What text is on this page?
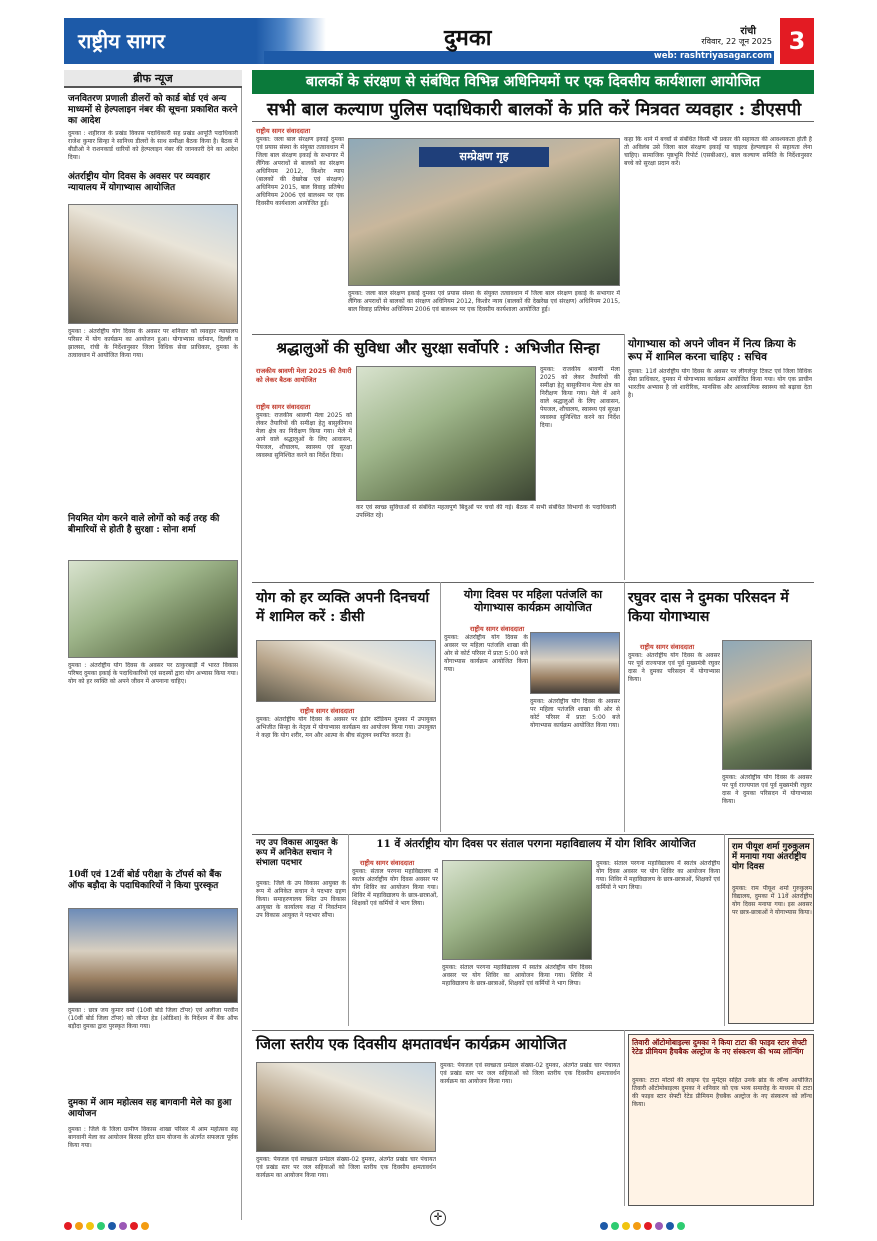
राष्ट्रीय सागर	दुमका	रांची
रविवार, 22 जून 2025
web: rashtriyasagar.com
3
ब्रीफ न्यूज
जनवितरण प्रणाली डीलरों को कार्ड बोर्ड एवं अन्य माध्यमों से हेल्पलाइन नंबर की सूचना प्रकाशित करने का आदेश
दुमका : शहीराज के प्रखंड विकास पदाधिकारी सह प्रखंड आपूर्ति पदाधिकारी राजेश कुमार सिन्हा ने सानिध्य डीलरों के साथ समीक्षा बैठक किया है। बैठक में बीडीओ ने राशनकार्ड धारियों को हेल्पलाइन नंबर की जानकारी देने का आदेश दिया।
अंतर्राष्ट्रीय योग दिवस के अवसर पर व्यवहार न्यायालय में योगाभ्यास आयोजित
दुमका : अंतर्राष्ट्रीय योग दिवस के अवसर पर शनिवार को व्यवहार न्यायालय परिसर में योग कार्यक्रम का आयोजन हुआ। योगाभ्यास वर्तमान, दिल्ली व झालसा, रांची के निर्देशानुसार जिला विधिक सेवा प्राधिकार, दुमका के तत्वावधान में आयोजित किया गया।
नियमित योग करने वाले लोगों को कई तरह की बीमारियों से होती है सुरक्षा : सोना शर्मा
दुमका : अंतर्राष्ट्रीय योग दिवस के अवसर पर ठाकुरबाड़ी में भारत विकास परिषद दुमका इकाई के पदाधिकारियों एवं सदस्यों द्वारा योग अभ्यास किया गया। योग को हर व्यक्ति को अपने जीवन में अपनाना चाहिए।
10वीं एवं 12वीं बोर्ड परीक्षा के टॉपर्स को बैंक ऑफ बड़ौदा के पदाधिकारियों ने किया पुरस्कृत
दुमका : छात्र जय कुमार वर्मा (10वीं बोर्ड जिला टॉपर) एवं अलीजा परवीन (10वीं बोर्ड जिला टॉपर) को जीनत हेड (ओडिशा) के निर्देशन में बैंक ऑफ बड़ौदा दुमका द्वारा पुरस्कृत किया गया।
दुमका में आम महोत्सव सह बागवानी मेले का हुआ आयोजन
दुमका : जिले के जिला ग्रामीण विकास शाखा परिसर में आम महोत्सव सह बागवानी मेला का आयोजन बिरसा हरित ग्राम योजना के अंतर्गत सफलता पूर्वक किया गया।
बालकों के संरक्षण से संबंधित विभिन्न अधिनियमों पर एक दिवसीय कार्यशाला आयोजित
सभी बाल कल्याण पुलिस पदाधिकारी बालकों के प्रति करें मित्रवत व्यवहार : डीएसपी
राष्ट्रीय सागर संवाददाता
दुमका: जला बाल संरक्षण इकाई दुमका एवं प्रयास संस्था के संयुक्त तत्वावधान में जिला बाल संरक्षण इकाई के सभागार में लैंगिक अपराधों से बालकों का संरक्षण अधिनियम 2012, किशोर न्याय (बालकों की देखरेख एवं संरक्षण) अधिनियम 2015, बाल विवाह प्रतिषेध अधिनियम 2006 एवं बालश्रम पर एक दिवसीय कार्यशाला आयोजित हुई।
सम्प्रेक्षण गृह
दुमका: जला बाल संरक्षण इकाई दुमका एवं प्रयास संस्था के संयुक्त तत्वावधान में जिला बाल संरक्षण इकाई के सभागार में लैंगिक अपराधों से बालकों का संरक्षण अधिनियम 2012, किशोर न्याय (बालकों की देखरेख एवं संरक्षण) अधिनियम 2015, बाल विवाह प्रतिषेध अधिनियम 2006 एवं बालश्रम पर एक दिवसीय कार्यशाला आयोजित हुई।
कहा कि थाने में बच्चों से संबंधित किसी भी प्रकार की सहायता की आवश्यकता होती है तो अविलंब उसे जिला बाल संरक्षण इकाई या चाइल्ड हेल्पलाइन से सहायता लेना चाहिए। सामाजिक पृष्ठभूमि रिपोर्ट (एसबीआर), बाल कल्याण समिति के निर्देशानुसार बच्चे को सुरक्षा प्रदान करें।
श्रद्धालुओं की सुविधा और सुरक्षा सर्वोपरि : अभिजीत सिन्हा
राजकीय श्रावणी मेला 2025 की तैयारी को लेकर बैठक आयोजित
राष्ट्रीय सागर संवाददाता
दुमका: राजकीय श्रावणी मेला 2025 को लेकर तैयारियों की समीक्षा हेतु बासुकीनाथ मेला क्षेत्र का निरीक्षण किया गया। मेले में आने वाले श्रद्धालुओं के लिए आवासन, पेयजल, शौचालय, स्वास्थ्य एवं सुरक्षा व्यवस्था सुनिश्चित करने का निर्देश दिया।
कर एवं स्वच्छ सुविधाओं से संबंधित महत्वपूर्ण बिंदुओं पर चर्चा की गई। बैठक में सभी संबंधित विभागों के पदाधिकारी उपस्थित रहे।
दुमका: राजकीय श्रावणी मेला 2025 को लेकर तैयारियों की समीक्षा हेतु बासुकीनाथ मेला क्षेत्र का निरीक्षण किया गया। मेले में आने वाले श्रद्धालुओं के लिए आवासन, पेयजल, शौचालय, स्वास्थ्य एवं सुरक्षा व्यवस्था सुनिश्चित करने का निर्देश दिया।
योगाभ्यास को अपने जीवन में नित्य क्रिया के रूप में शामिल करना चाहिए : सचिव
दुमका: 11वें अंतर्राष्ट्रीय योग दिवस के अवसर पर लीगलेपुर टिकट एवं जिला विधिक सेवा प्राधिकार, दुमका में योगाभ्यास कार्यक्रम आयोजित किया गया। योग एक प्राचीन भारतीय अभ्यास है जो शारीरिक, मानसिक और आध्यात्मिक स्वास्थ्य को बढ़ावा देता है।
योग को हर व्यक्ति अपनी दिनचर्या में शामिल करें : डीसी
राष्ट्रीय सागर संवाददाता
दुमका: अंतर्राष्ट्रीय योग दिवस के अवसर पर इंडोर स्टेडियम दुमका में उपायुक्त अभिजीत सिन्हा के नेतृत्व में योगाभ्यास कार्यक्रम का आयोजन किया गया। उपायुक्त ने कहा कि योग शरीर, मन और आत्मा के बीच संतुलन स्थापित करता है।
योगा दिवस पर महिला पतंजलि का योगाभ्यास कार्यक्रम आयोजित
राष्ट्रीय सागर संवाददाता
दुमका: अंतर्राष्ट्रीय योग दिवस के अवसर पर महिला पतंजलि शाखा की ओर से कोर्ट परिसर में प्रातः 5:00 बजे योगाभ्यास कार्यक्रम आयोजित किया गया।
दुमका: अंतर्राष्ट्रीय योग दिवस के अवसर पर महिला पतंजलि शाखा की ओर से कोर्ट परिसर में प्रातः 5:00 बजे योगाभ्यास कार्यक्रम आयोजित किया गया।
रघुवर दास ने दुमका परिसदन में किया योगाभ्यास
राष्ट्रीय सागर संवाददाता
दुमका: अंतर्राष्ट्रीय योग दिवस के अवसर पर पूर्व राज्यपाल एवं पूर्व मुख्यमंत्री रघुवर दास ने दुमका परिसदन में योगाभ्यास किया।
दुमका: अंतर्राष्ट्रीय योग दिवस के अवसर पर पूर्व राज्यपाल एवं पूर्व मुख्यमंत्री रघुवर दास ने दुमका परिसदन में योगाभ्यास किया।
नए उप विकास आयुक्त के रूप में अनिकेत सचान ने संभाला पदभार
दुमका: जिले के उप विकास आयुक्त के रूप में अनिकेत सचान ने पदभार ग्रहण किया। समाहरणालय स्थित उप विकास आयुक्त के कार्यालय कक्ष में निवर्तमान उप विकास आयुक्त ने पदभार सौंपा।
11 वें अंतर्राष्ट्रीय योग दिवस पर संताल परगना महाविद्यालय में योग शिविर आयोजित
राष्ट्रीय सागर संवाददाता
दुमका: संताल परगना महाविद्यालय में स्वतंत्र अंतर्राष्ट्रीय योग दिवस अवसर पर योग शिविर का आयोजन किया गया। शिविर में महाविद्यालय के छात्र-छात्राओं, शिक्षकों एवं कर्मियों ने भाग लिया।
दुमका: संताल परगना महाविद्यालय में स्वतंत्र अंतर्राष्ट्रीय योग दिवस अवसर पर योग शिविर का आयोजन किया गया। शिविर में महाविद्यालय के छात्र-छात्राओं, शिक्षकों एवं कर्मियों ने भाग लिया।
दुमका: संताल परगना महाविद्यालय में स्वतंत्र अंतर्राष्ट्रीय योग दिवस अवसर पर योग शिविर का आयोजन किया गया। शिविर में महाविद्यालय के छात्र-छात्राओं, शिक्षकों एवं कर्मियों ने भाग लिया।
राम पीयूश शर्मा गुरुकुलम में मनाया गया अंतर्राष्ट्रीय योग दिवस
दुमका: राम पीयूश शर्मा गुरुकुलम विद्यालय, दुमका में 11वें अंतर्राष्ट्रीय योग दिवस मनाया गया। इस अवसर पर छात्र-छात्राओं ने योगाभ्यास किया।
जिला स्तरीय एक दिवसीय क्षमतावर्धन कार्यक्रम आयोजित
दुमका: पेयजल एवं स्वच्छता प्रमंडल संख्या-02 दुमका, अंतर्गत प्रखंड चार पंचायत एवं प्रखंड स्तर पर जल सहियाओं को जिला स्तरीय एक दिवसीय क्षमतावर्धन कार्यक्रम का आयोजन किया गया।
दुमका: पेयजल एवं स्वच्छता प्रमंडल संख्या-02 दुमका, अंतर्गत प्रखंड चार पंचायत एवं प्रखंड स्तर पर जल सहियाओं को जिला स्तरीय एक दिवसीय क्षमतावर्धन कार्यक्रम का आयोजन किया गया।
तिवारी ऑटोमोबाइल्स दुमका ने किया टाटा की फाइव स्टार सेफ्टी रेटेड प्रीमियम हैचबैक अल्ट्रोज के नए संस्करण की भव्य लॉन्चिंग
दुमका: टाटा मोटर्स की लाइफ एंड मुमेंट्स सहित उनके ब्रांड के लॉन्च आयोजित तिवारी ऑटोमोबाइल्स दुमका ने शनिवार को एक भव्य समारोह के माध्यम से टाटा की फाइव स्टार सेफ्टी रेटेड प्रीमियम हैचबैक अल्ट्रोज के नए संस्करण को लॉन्च किया।
✛
